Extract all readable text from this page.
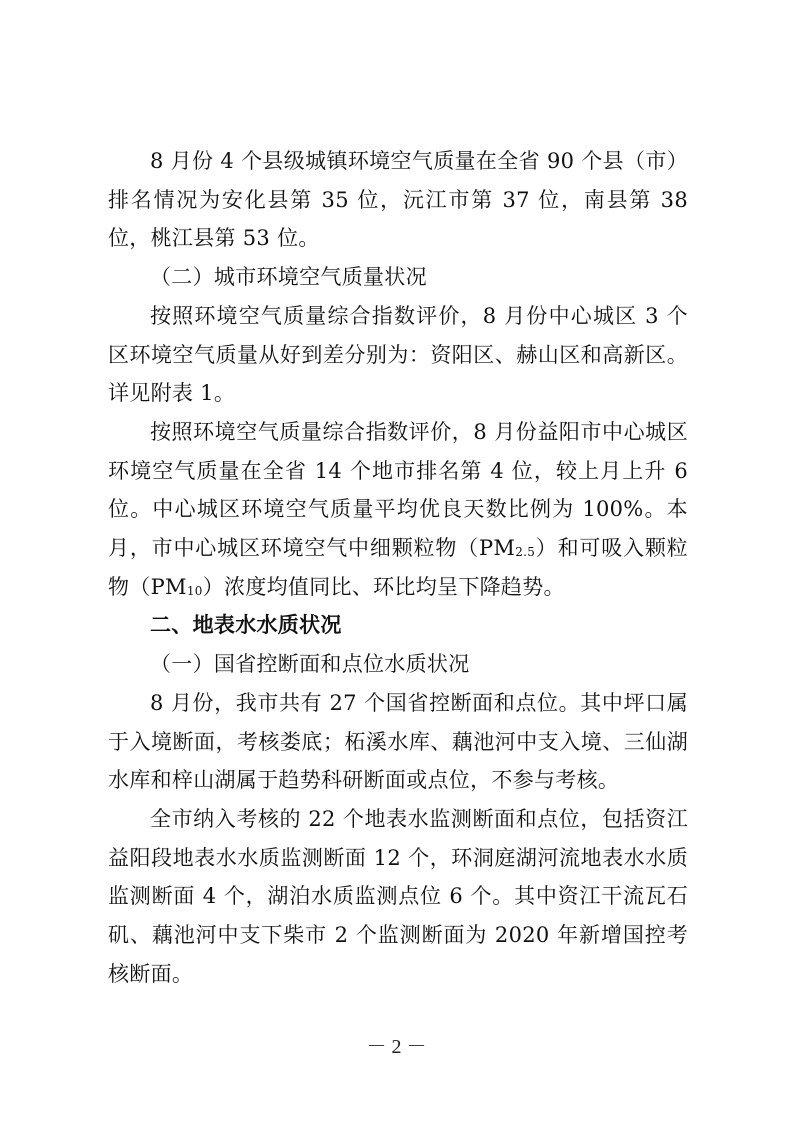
8 月份 4 个县级城镇环境空气质量在全省 90 个县（市）排名情况为安化县第 35 位，沅江市第 37 位，南县第 38 位，桃江县第 53 位。

（二）城市环境空气质量状况

按照环境空气质量综合指数评价，8 月份中心城区 3 个区环境空气质量从好到差分别为：资阳区、赫山区和高新区。详见附表 1。

按照环境空气质量综合指数评价，8 月份益阳市中心城区环境空气质量在全省 14 个地市排名第 4 位，较上月上升 6 位。中心城区环境空气质量平均优良天数比例为 100%。本月，市中心城区环境空气中细颗粒物$(PM_{2.5})$和可吸入颗粒物$(PM_{10})$浓度均值同比、环比均呈下降趋势。

二、地表水水质状况

（一）国省控断面和点位水质状况

8 月份，我市共有 27 个国省控断面和点位。其中坪口属于入境断面，考核娄底；柘溪水库、藕池河中支入境、三仙湖水库和梓山湖属于趋势科研断面或点位，不参与考核。

全市纳入考核的 22 个地表水监测断面和点位，包括资江益阳段地表水水质监测断面 12 个，环洞庭湖河流地表水水质监测断面 4 个，湖泊水质监测点位 6 个。其中资江干流瓦石矶、藕池河中支下柴市 2 个监测断面为 2020 年新增国控考核断面。

－ 2 －
